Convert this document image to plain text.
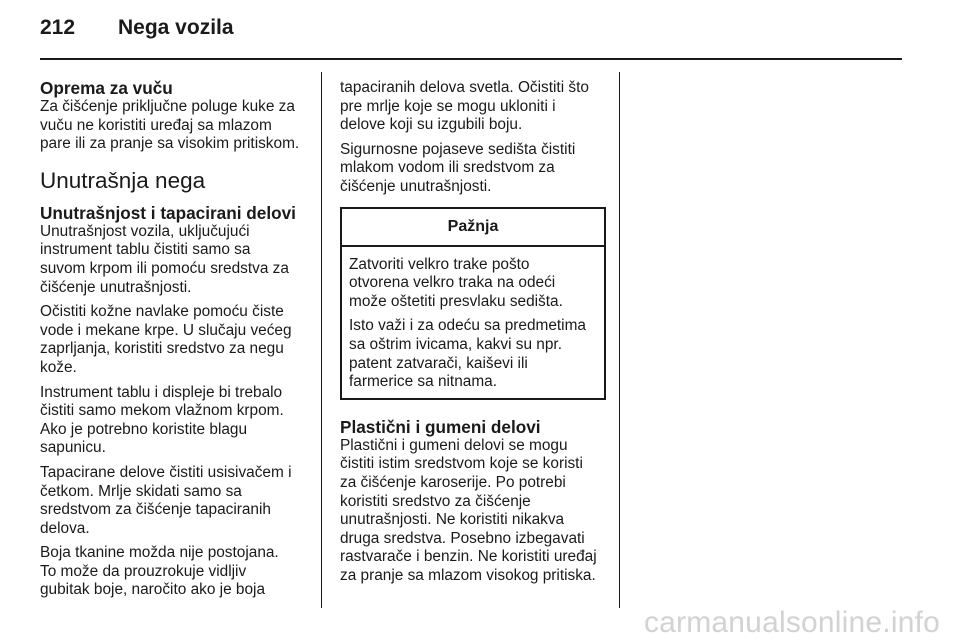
212 Nega vozila
Oprema za vuču

Za čišćenje priključne poluge kuke za
vuču ne koristiti uređaj sa mlazom
pare ili za pranje sa visokim pritiskom.

Unutrašnja nega
Unutrašnjost i tapacirani delovi

Unutrašnjost vozila, uključujući
instrument tablu čistiti samo sa
suvom krpom ili pomoću sredstva za
čišćenje unutrašnjosti.

Očistiti kožne navlake pomoću čiste
vode i mekane krpe. U slučaju većeg
zaprljanja, koristiti sredstvo za negu
kože.

Instrument tablu i displeje bi trebalo
čistiti samo mekom vlažnom krpom.
Ako je potrebno koristite blagu
sapunicu.

Tapacirane delove čistiti usisivačem i
četkom. Mrlje skidati samo sa
sredstvom za čišćenje tapaciranih
delova.

Boja tkanine možda nije postojana.
To može da prouzrokuje vidljiv
gubitak boje, naročito ako je boja

tapaciranih delova svetla. Očistiti što
pre mrlje koje se mogu ukloniti i
delove koji su izgubili boju.

Sigurnosne pojaseve sedišta čistiti
mlakom vodom ili sredstvom za
čišćenje unutrašnjosti.

Pažnja

Zatvoriti velkro trake pošto
otvorena velkro traka na odeći
može oštetiti presvlaku sedišta.

Isto važi i za odeću sa predmetima
sa oštrim ivicama, kakvi su npr.
patent zatvarači, kaiševi ili
farmerice sa nitnama.

Plastični i gumeni delovi

Plastični i gumeni delovi se mogu
čistiti istim sredstvom koje se koristi
za čišćenje karoserije. Po potrebi
koristiti sredstvo za čišćenje
unutrašnjosti. Ne koristiti nikakva
druga sredstva. Posebno izbegavati
rastvarače i benzin. Ne koristiti uređaj
za pranje sa mlazom visokog pritiska.

carmanualsonline.info
